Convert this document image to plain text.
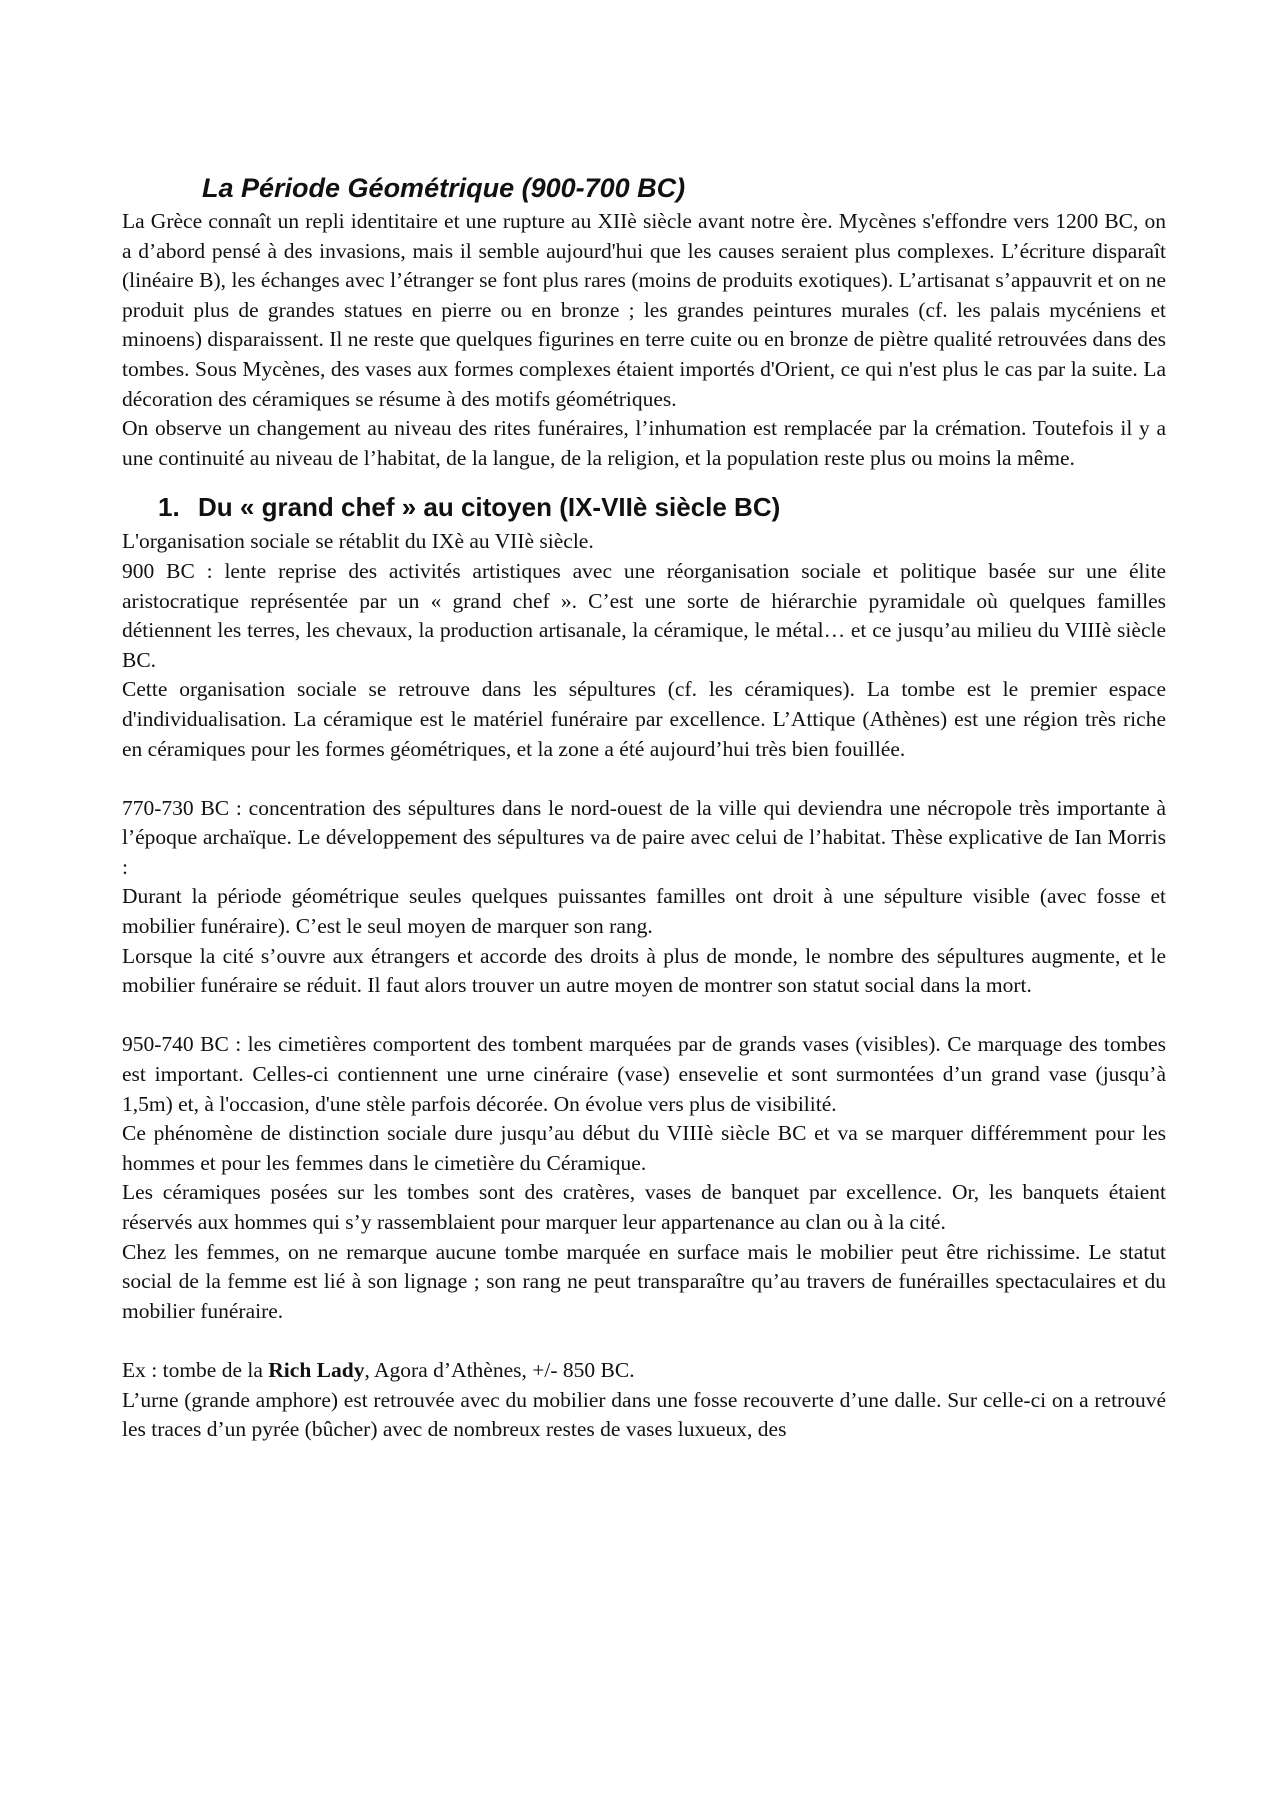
La Période Géométrique (900-700 BC)

La Grèce connaît un repli identitaire et une rupture au XIIè siècle avant notre ère. Mycènes s'effondre vers 1200 BC, on a d’abord pensé à des invasions, mais il semble aujourd'hui que les causes seraient plus complexes. L’écriture disparaît (linéaire B), les échanges avec l’étranger se font plus rares (moins de produits exotiques). L’artisanat s’appauvrit et on ne produit plus de grandes statues en pierre ou en bronze ; les grandes peintures murales (cf. les palais mycéniens et minoens) disparaissent. Il ne reste que quelques figurines en terre cuite ou en bronze de piètre qualité retrouvées dans des tombes. Sous Mycènes, des vases aux formes complexes étaient importés d'Orient, ce qui n'est plus le cas par la suite. La décoration des céramiques se résume à des motifs géométriques.

On observe un changement au niveau des rites funéraires, l’inhumation est remplacée par la crémation. Toutefois il y a une continuité au niveau de l’habitat, de la langue, de la religion, et la population reste plus ou moins la même.

1. Du « grand chef » au citoyen (IX-VIIè siècle BC)

L'organisation sociale se rétablit du IXè au VIIè siècle.

900 BC : lente reprise des activités artistiques avec une réorganisation sociale et politique basée sur une élite aristocratique représentée par un « grand chef ». C’est une sorte de hiérarchie pyramidale où quelques familles détiennent les terres, les chevaux, la production artisanale, la céramique, le métal… et ce jusqu’au milieu du VIIIè siècle BC.

Cette organisation sociale se retrouve dans les sépultures (cf. les céramiques). La tombe est le premier espace d'individualisation. La céramique est le matériel funéraire par excellence. L’Attique (Athènes) est une région très riche en céramiques pour les formes géométriques, et la zone a été aujourd’hui très bien fouillée.

770-730 BC : concentration des sépultures dans le nord-ouest de la ville qui deviendra une nécropole très importante à l’époque archaïque. Le développement des sépultures va de paire avec celui de l’habitat. Thèse explicative de Ian Morris :

Durant la période géométrique seules quelques puissantes familles ont droit à une sépulture visible (avec fosse et mobilier funéraire). C’est le seul moyen de marquer son rang.

Lorsque la cité s’ouvre aux étrangers et accorde des droits à plus de monde, le nombre des sépultures augmente, et le mobilier funéraire se réduit. Il faut alors trouver un autre moyen de montrer son statut social dans la mort.

950-740 BC : les cimetières comportent des tombent marquées par de grands vases (visibles). Ce marquage des tombes est important. Celles-ci contiennent une urne cinéraire (vase) ensevelie et sont surmontées d’un grand vase (jusqu’à 1,5m) et, à l'occasion, d'une stèle parfois décorée. On évolue vers plus de visibilité.

Ce phénomène de distinction sociale dure jusqu’au début du VIIIè siècle BC et va se marquer différemment pour les hommes et pour les femmes dans le cimetière du Céramique.

Les céramiques posées sur les tombes sont des cratères, vases de banquet par excellence. Or, les banquets étaient réservés aux hommes qui s’y rassemblaient pour marquer leur appartenance au clan ou à la cité.

Chez les femmes, on ne remarque aucune tombe marquée en surface mais le mobilier peut être richissime. Le statut social de la femme est lié à son lignage ; son rang ne peut transparaître qu’au travers de funérailles spectaculaires et du mobilier funéraire.

Ex : tombe de la Rich Lady, Agora d’Athènes, +/- 850 BC.

L’urne (grande amphore) est retrouvée avec du mobilier dans une fosse recouverte d’une dalle. Sur celle-ci on a retrouvé les traces d’un pyrée (bûcher) avec de nombreux restes de vases luxueux, des
